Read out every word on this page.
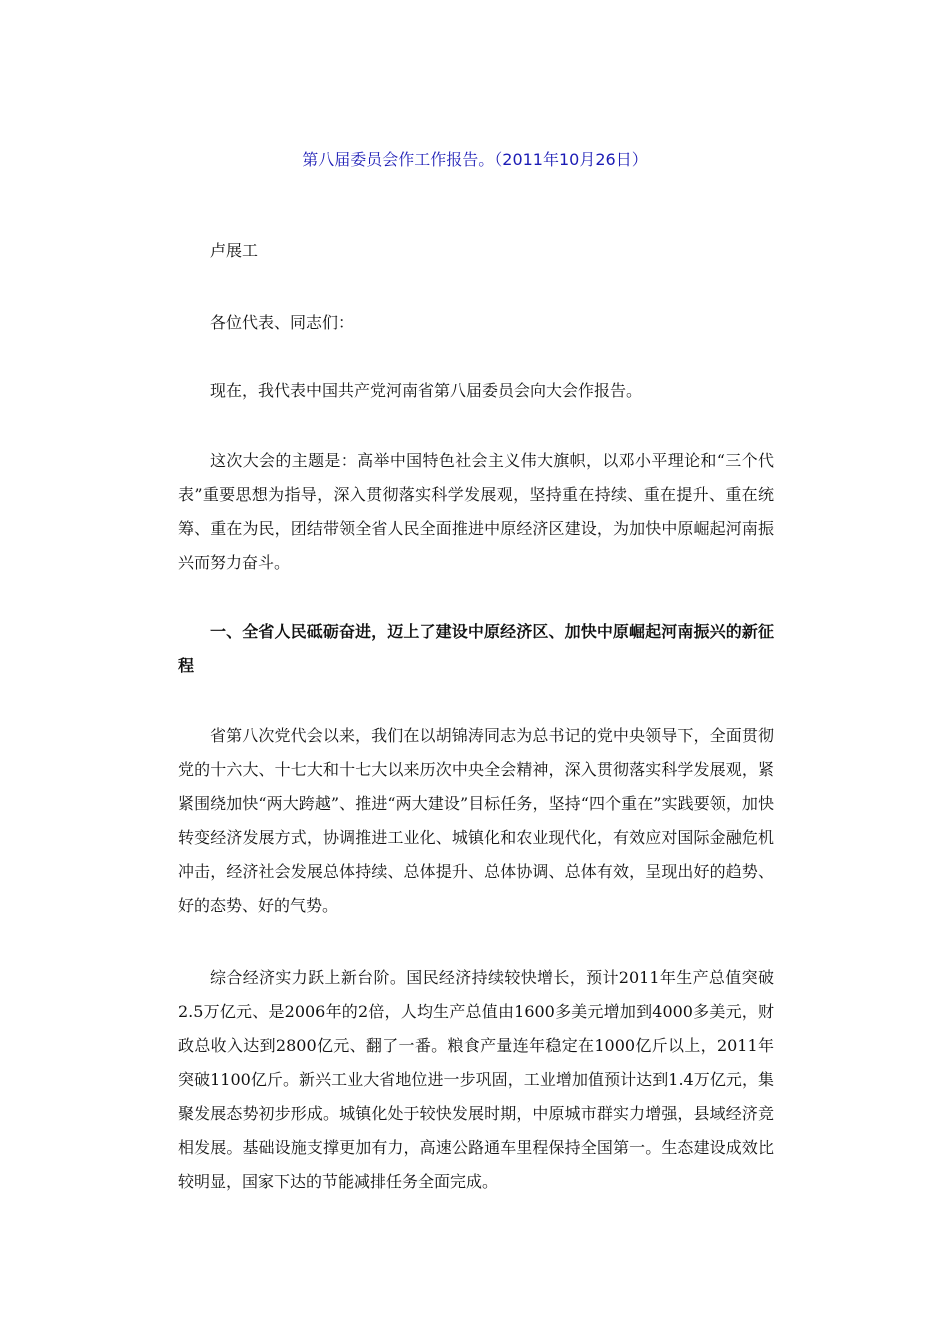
第八届委员会作工作报告。（2011年10月26日）

卢展工

各位代表、同志们：

现在，我代表中国共产党河南省第八届委员会向大会作报告。

这次大会的主题是：高举中国特色社会主义伟大旗帜，以邓小平理论和“三个代表”重要思想为指导，深入贯彻落实科学发展观，坚持重在持续、重在提升、重在统筹、重在为民，团结带领全省人民全面推进中原经济区建设，为加快中原崛起河南振兴而努力奋斗。

一、全省人民砥砺奋进，迈上了建设中原经济区、加快中原崛起河南振兴的新征程

省第八次党代会以来，我们在以胡锦涛同志为总书记的党中央领导下，全面贯彻党的十六大、十七大和十七大以来历次中央全会精神，深入贯彻落实科学发展观，紧紧围绕加快“两大跨越”、推进“两大建设”目标任务，坚持“四个重在”实践要领，加快转变经济发展方式，协调推进工业化、城镇化和农业现代化，有效应对国际金融危机冲击，经济社会发展总体持续、总体提升、总体协调、总体有效，呈现出好的趋势、好的态势、好的气势。

综合经济实力跃上新台阶。国民经济持续较快增长，预计2011年生产总值突破2.5万亿元、是2006年的2倍，人均生产总值由1600多美元增加到4000多美元，财政总收入达到2800亿元、翻了一番。粮食产量连年稳定在1000亿斤以上，2011年突破1100亿斤。新兴工业大省地位进一步巩固，工业增加值预计达到1.4万亿元，集聚发展态势初步形成。城镇化处于较快发展时期，中原城市群实力增强，县域经济竞相发展。基础设施支撑更加有力，高速公路通车里程保持全国第一。生态建设成效比较明显，国家下达的节能减排任务全面完成。
